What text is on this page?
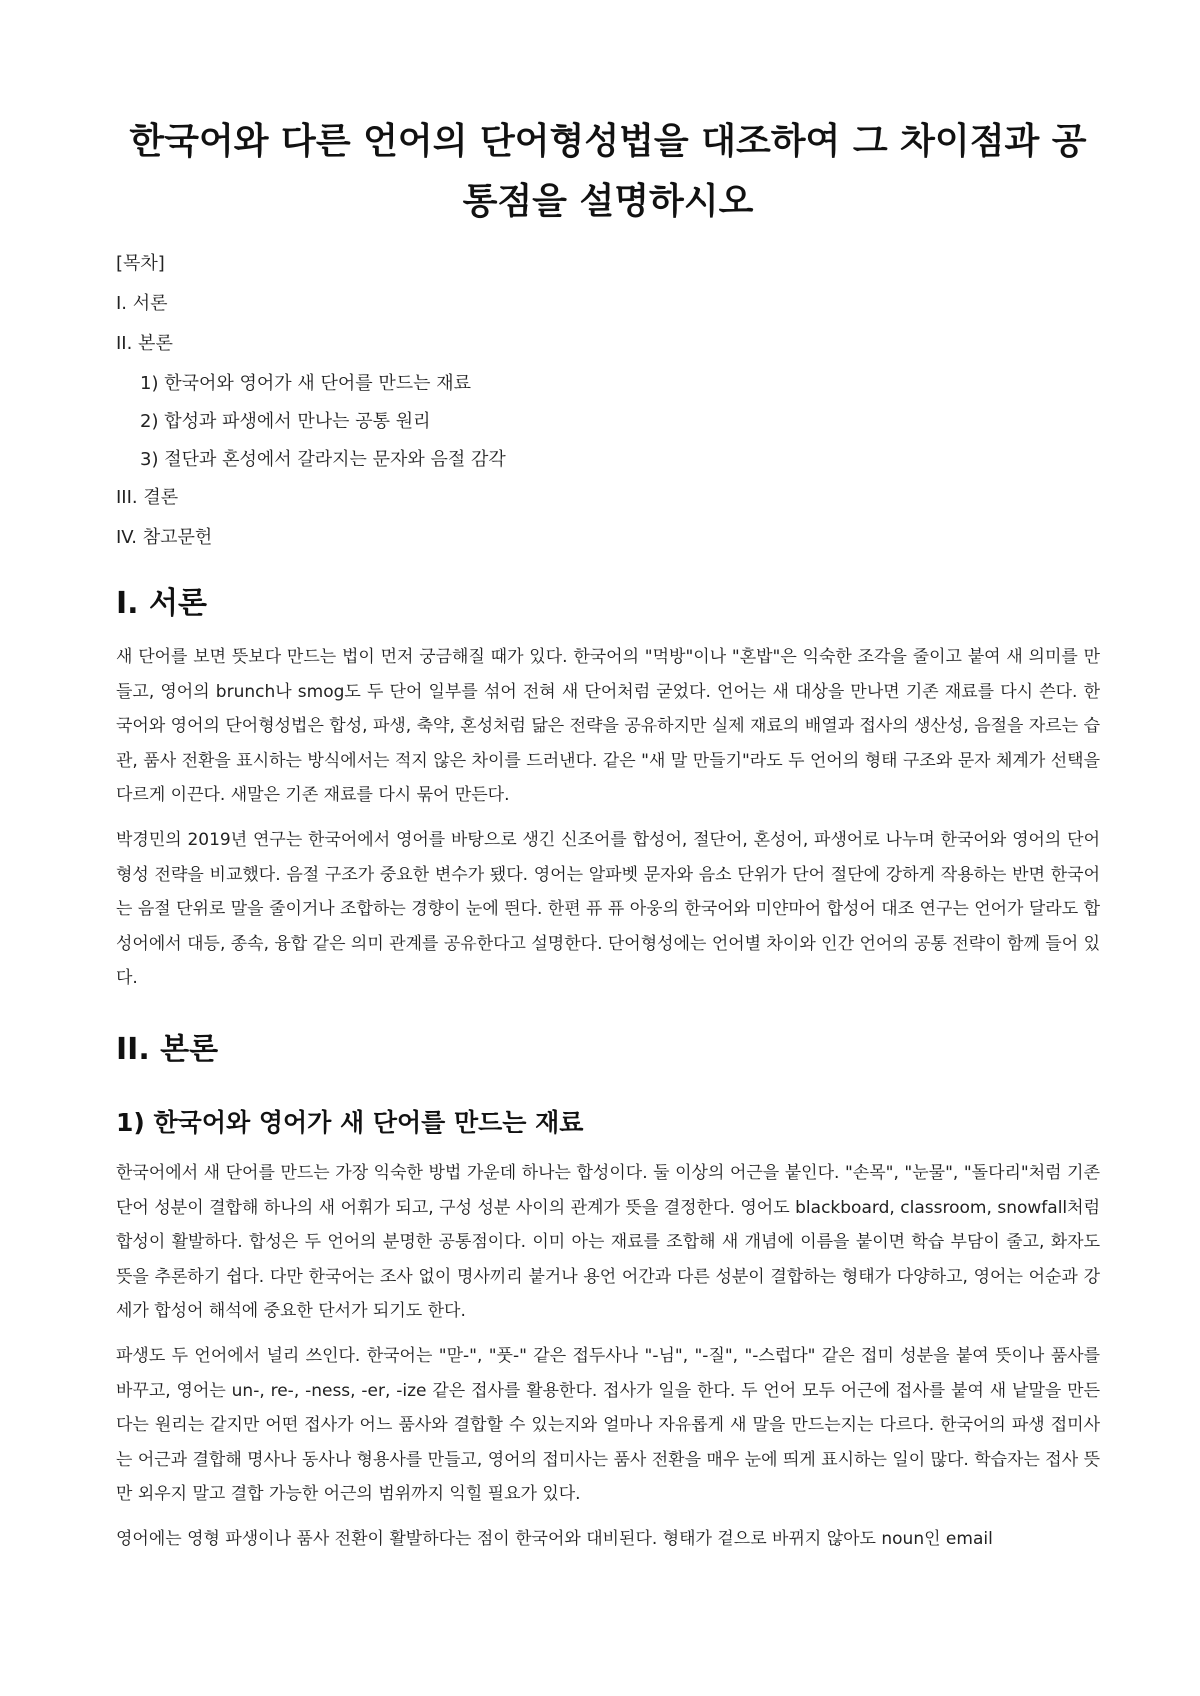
한국어와 다른 언어의 단어형성법을 대조하여 그 차이점과 공통점을 설명하시오

[목차]

I. 서론

II. 본론

1) 한국어와 영어가 새 단어를 만드는 재료

2) 합성과 파생에서 만나는 공통 원리

3) 절단과 혼성에서 갈라지는 문자와 음절 감각

III. 결론

IV. 참고문헌

I. 서론

새 단어를 보면 뜻보다 만드는 법이 먼저 궁금해질 때가 있다. 한국어의 "먹방"이나 "혼밥"은 익숙한 조각을 줄이고 붙여 새 의미를 만들고, 영어의 brunch나 smog도 두 단어 일부를 섞어 전혀 새 단어처럼 굳었다. 언어는 새 대상을 만나면 기존 재료를 다시 쓴다. 한국어와 영어의 단어형성법은 합성, 파생, 축약, 혼성처럼 닮은 전략을 공유하지만 실제 재료의 배열과 접사의 생산성, 음절을 자르는 습관, 품사 전환을 표시하는 방식에서는 적지 않은 차이를 드러낸다. 같은 "새 말 만들기"라도 두 언어의 형태 구조와 문자 체계가 선택을 다르게 이끈다. 새말은 기존 재료를 다시 묶어 만든다.

박경민의 2019년 연구는 한국어에서 영어를 바탕으로 생긴 신조어를 합성어, 절단어, 혼성어, 파생어로 나누며 한국어와 영어의 단어형성 전략을 비교했다. 음절 구조가 중요한 변수가 됐다. 영어는 알파벳 문자와 음소 단위가 단어 절단에 강하게 작용하는 반면 한국어는 음절 단위로 말을 줄이거나 조합하는 경향이 눈에 띈다. 한편 퓨 퓨 아웅의 한국어와 미얀마어 합성어 대조 연구는 언어가 달라도 합성어에서 대등, 종속, 융합 같은 의미 관계를 공유한다고 설명한다. 단어형성에는 언어별 차이와 인간 언어의 공통 전략이 함께 들어 있다.

II. 본론
1) 한국어와 영어가 새 단어를 만드는 재료

한국어에서 새 단어를 만드는 가장 익숙한 방법 가운데 하나는 합성이다. 둘 이상의 어근을 붙인다. "손목", "눈물", "돌다리"처럼 기존 단어 성분이 결합해 하나의 새 어휘가 되고, 구성 성분 사이의 관계가 뜻을 결정한다. 영어도 blackboard, classroom, snowfall처럼 합성이 활발하다. 합성은 두 언어의 분명한 공통점이다. 이미 아는 재료를 조합해 새 개념에 이름을 붙이면 학습 부담이 줄고, 화자도 뜻을 추론하기 쉽다. 다만 한국어는 조사 없이 명사끼리 붙거나 용언 어간과 다른 성분이 결합하는 형태가 다양하고, 영어는 어순과 강세가 합성어 해석에 중요한 단서가 되기도 한다.

파생도 두 언어에서 널리 쓰인다. 한국어는 "맏-", "풋-" 같은 접두사나 "-님", "-질", "-스럽다" 같은 접미 성분을 붙여 뜻이나 품사를 바꾸고, 영어는 un-, re-, -ness, -er, -ize 같은 접사를 활용한다. 접사가 일을 한다. 두 언어 모두 어근에 접사를 붙여 새 낱말을 만든다는 원리는 같지만 어떤 접사가 어느 품사와 결합할 수 있는지와 얼마나 자유롭게 새 말을 만드는지는 다르다. 한국어의 파생 접미사는 어근과 결합해 명사나 동사나 형용사를 만들고, 영어의 접미사는 품사 전환을 매우 눈에 띄게 표시하는 일이 많다. 학습자는 접사 뜻만 외우지 말고 결합 가능한 어근의 범위까지 익힐 필요가 있다.

영어에는 영형 파생이나 품사 전환이 활발하다는 점이 한국어와 대비된다. 형태가 겉으로 바뀌지 않아도 noun인 email
